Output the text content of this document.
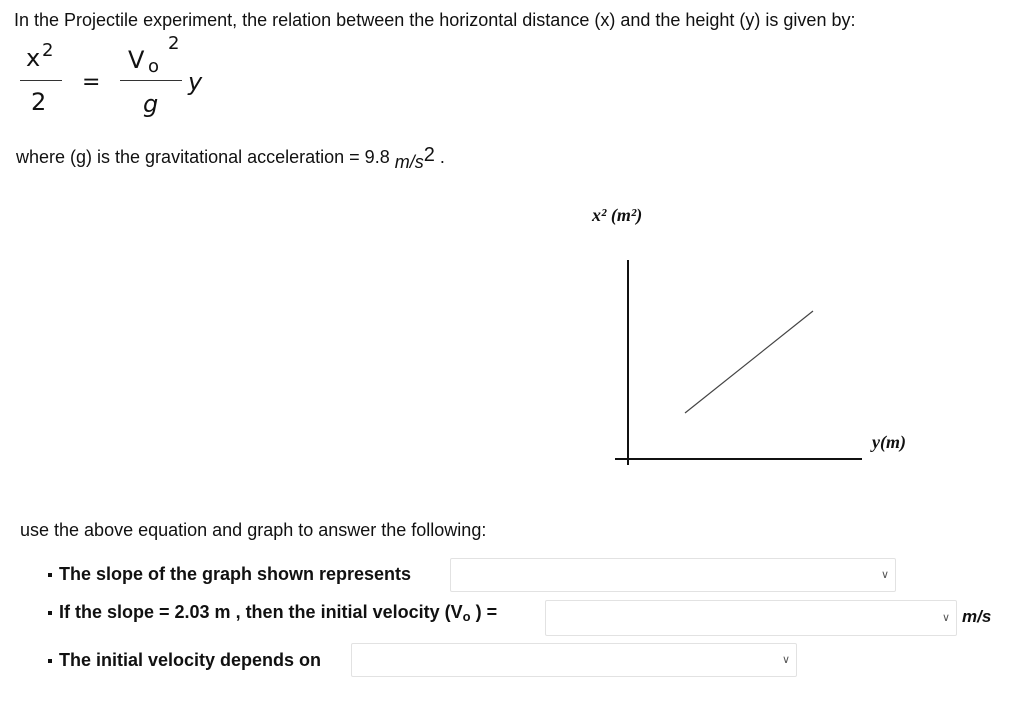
In the Projectile experiment, the relation between the horizontal distance (x) and the height (y) is given by:
x 2
2
=
V o
2
g
y
where (g) is the gravitational acceleration = 9.8 $m/s^2$ .
x² (m²)
y(m)
use the above equation and graph to answer the following:
The slope of the graph shown represents	∨
If the slope = 2.03 m , then the initial velocity (Vo ) =	∨ m/s
The initial velocity depends on	∨
